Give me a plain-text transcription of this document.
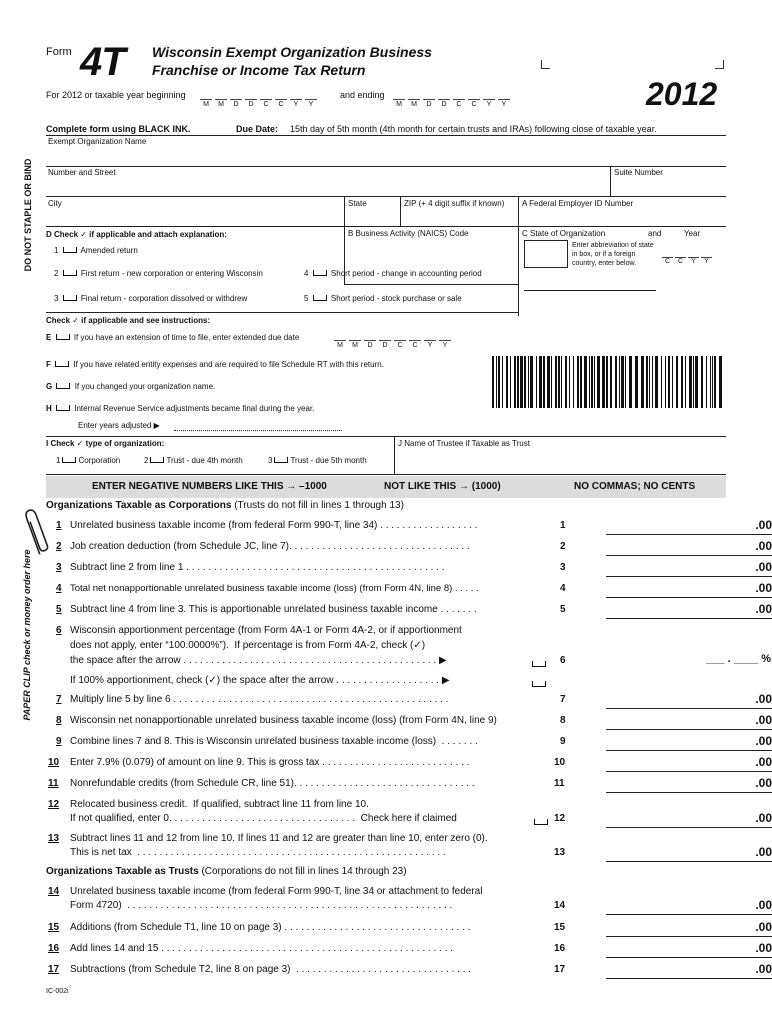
Form 4T Wisconsin Exempt Organization Business
Franchise or Income Tax Return
2012
For 2012 or taxable year beginning
M M D D C C Y Y
and ending
M M D D C C Y Y
Complete form using BLACK INK.	Due Date: 15th day of 5th month (4th month for certain trusts and IRAs) following close of taxable year.
DO NOT STAPLE OR BIND
PAPER CLIP check or money order here
Exempt Organization Name
Number and Street	Suite Number
City	State	ZIP (+ 4 digit suffix if known) A Federal Employer ID Number
D Check ✓ if applicable and attach explanation:	B Business Activity (NAICS) Code	C State of Organization	and	Year
Enter abbreviation of state in box, or if a foreign country, enter below.	C C Y Y
1	Amended return
2	First return - new corporation or entering Wisconsin	4	Short period - change in accounting period
3	Final return - corporation dissolved or withdrew	5	Short period - stock purchase or sale
Check ✓ if applicable and see instructions:
E	If you have an extension of time to file, enter extended due date
M M D D C C Y Y
F	If you have related entity expenses and are required to file Schedule RT with this return.
G	If you changed your organization name.
H	Internal Revenue Service adjustments became final during the year.
Enter years adjusted ▶
I Check ✓ type of organization:
1 Corporation	2 Trust - due 4th month	3 Trust - due 5th month
J Name of Trustee if Taxable as Trust
ENTER NEGATIVE NUMBERS LIKE THIS → –1000	NOT LIKE THIS → (1000)	NO COMMAS; NO CENTS
Organizations Taxable as Corporations (Trusts do not fill in lines 1 through 13)
1 Unrelated business taxable income (from federal Form 990-T, line 34) . . . . . . . . . . . . . . . . . .	1	.00
2 Job creation deduction (from Schedule JC, line 7). . . . . . . . . . . . . . . . . . . . . . . . . . . . . . . . .	2	.00
3 Subtract line 2 from line 1 . . . . . . . . . . . . . . . . . . . . . . . . . . . . . . . . . . . . . . . . . . . . . . .	3	.00
4 Total net nonapportionable unrelated business taxable income (loss) (from Form 4N, line 8) . . . . .	4	.00
5 Subtract line 4 from line 3. This is apportionable unrelated business taxable income . . . . . . .	5	.00
6 Wisconsin apportionment percentage (from Form 4A-1 or Form 4A-2, or if apportionment
does not apply, enter “100.0000%”).  If percentage is from Form 4A-2, check (✓)
the space after the arrow . . . . . . . . . . . . . . . . . . . . . . . . . . . . . . . . . . . . . . . . . . . . . . ▶	6	___ . ____ %
If 100% apportionment, check (✓) the space after the arrow . . . . . . . . . . . . . . . . . . . ▶
7 Multiply line 5 by line 6 . . . . . . . . . . . . . . . . . . . . . . . . . . . . . . . . . . . . . . . . . . . . . . . . . .	7	.00
8 Wisconsin net nonapportionable unrelated business taxable income (loss) (from Form 4N, line 9)	8	.00
9 Combine lines 7 and 8. This is Wisconsin unrelated business taxable income (loss)  . . . . . . .	9	.00
10 Enter 7.9% (0.079) of amount on line 9. This is gross tax . . . . . . . . . . . . . . . . . . . . . . . . . . .	10	.00
11 Nonrefundable credits (from Schedule CR, line 51). . . . . . . . . . . . . . . . . . . . . . . . . . . . . . . . .	11	.00
12 Relocated business credit.  If qualified, subtract line 11 from line 10.
If not qualified, enter 0. . . . . . . . . . . . . . . . . . . . . . . . . . . . . . . . . .  Check here if claimed	12	.00
13 Subtract lines 11 and 12 from line 10. If lines 11 and 12 are greater than line 10, enter zero (0).
This is net tax  . . . . . . . . . . . . . . . . . . . . . . . . . . . . . . . . . . . . . . . . . . . . . . . . . . . . . . . .	13	.00
Organizations Taxable as Trusts (Corporations do not fill in lines 14 through 23)
14 Unrelated business taxable income (from federal Form 990-T, line 34 or attachment to federal
Form 4720)  . . . . . . . . . . . . . . . . . . . . . . . . . . . . . . . . . . . . . . . . . . . . . . . . . . . . . . . . . . .	14	.00
15 Additions (from Schedule T1, line 10 on page 3) . . . . . . . . . . . . . . . . . . . . . . . . . . . . . . . . . .	15	.00
16 Add lines 14 and 15 . . . . . . . . . . . . . . . . . . . . . . . . . . . . . . . . . . . . . . . . . . . . . . . . . . . . .	16	.00
17 Subtractions (from Schedule T2, line 8 on page 3)  . . . . . . . . . . . . . . . . . . . . . . . . . . . . . . . .	17	.00
IC-002i
